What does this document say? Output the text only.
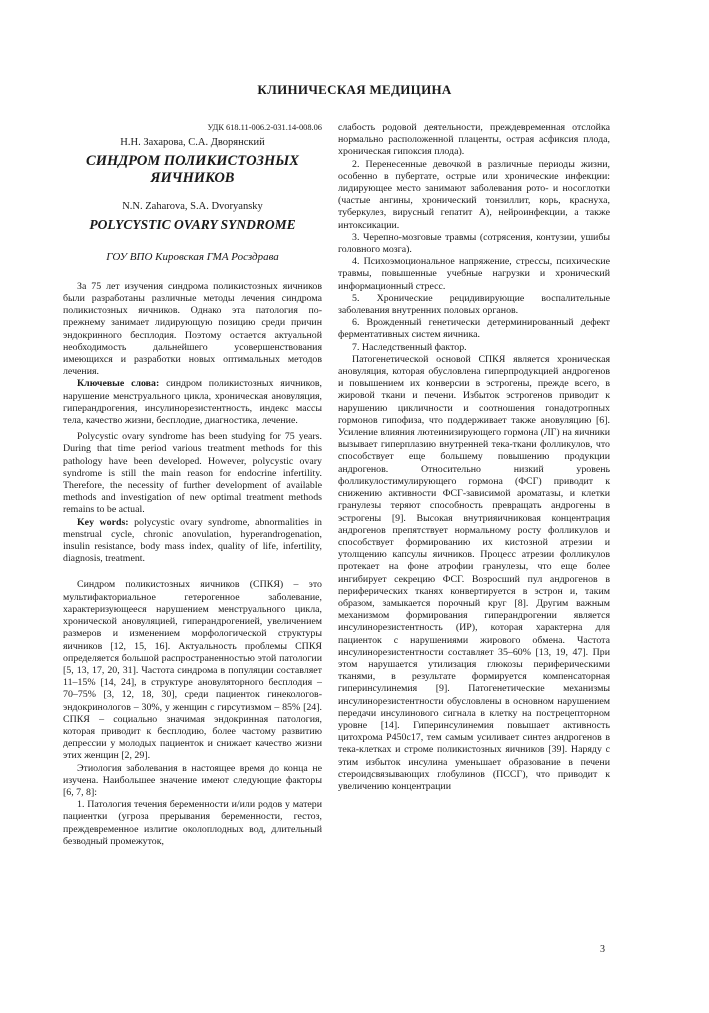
КЛИНИЧЕСКАЯ МЕДИЦИНА
УДК 618.11-006.2-031.14-008.06
Н.Н. Захарова, С.А. Дворянский
СИНДРОМ ПОЛИКИСТОЗНЫХ ЯИЧНИКОВ
N.N. Zaharova, S.A. Dvoryansky
POLYCYSTIC OVARY SYNDROME
ГОУ ВПО Кировская ГМА Росздрава

За 75 лет изучения синдрома поликистозных яичников были разработаны различные методы лечения синдрома поликистозных яичников. Однако эта патология по-прежнему занимает лидирующую позицию среди причин эндокринного бесплодия. Поэтому остается актуальной необходимость дальнейшего усовершенствования имеющихся и разработки новых оптимальных методов лечения.

Ключевые слова: синдром поликистозных яичников, нарушение менструального цикла, хроническая ановуляция, гиперандрогения, инсулинорезистентность, индекс массы тела, качество жизни, бесплодие, диагностика, лечение.

Polycystic ovary syndrome has been studying for 75 years. During that time period various treatment methods for this pathology have been developed. However, polycystic ovary syndrome is still the main reason for endocrine infertility. Therefore, the necessity of further development of available methods and investigation of new optimal treatment methods remains to be actual.

Key words: polycystic ovary syndrome, abnormalities in menstrual cycle, chronic anovulation, hyperandrogenation, insulin resistance, body mass index, quality of life, infertility, diagnosis, treatment.

Синдром поликистозных яичников (СПКЯ) – это мультифакториальное гетерогенное заболевание, характеризующееся нарушением менструального цикла, хронической ановуляцией, гиперандрогенией, увеличением размеров и изменением морфологической структуры яичников [12, 15, 16]. Актуальность проблемы СПКЯ определяется большой распространенностью этой патологии [5, 13, 17, 20, 31]. Частота синдрома в популяции составляет 11–15% [14, 24], в структуре ановуляторного бесплодия – 70–75% [3, 12, 18, 30], среди пациенток гинекологов-эндокринологов – 30%, у женщин с гирсутизмом – 85% [24]. СПКЯ – социально значимая эндокринная патология, которая приводит к бесплодию, более частому развитию депрессии у молодых пациенток и снижает качество жизни этих женщин [2, 29].

Этиология заболевания в настоящее время до конца не изучена. Наибольшее значение имеют следующие факторы [6, 7, 8]:

1. Патология течения беременности и/или родов у матери пациентки (угроза прерывания беременности, гестоз, преждевременное излитие околоплодных вод, длительный безводный промежуток,

слабость родовой деятельности, преждевременная отслойка нормально расположенной плаценты, острая асфиксия плода, хроническая гипоксия плода).

2. Перенесенные девочкой в различные периоды жизни, особенно в пубертате, острые или хронические инфекции: лидирующее место занимают заболевания рото- и носоглотки (частые ангины, хронический тонзиллит, корь, краснуха, туберкулез, вирусный гепатит А), нейроинфекции, а также интоксикации.

3. Черепно-мозговые травмы (сотрясения, контузии, ушибы головного мозга).

4. Психоэмоциональное напряжение, стрессы, психические травмы, повышенные учебные нагрузки и хронический информационный стресс.

5. Хронические рецидивирующие воспалительные заболевания внутренних половых органов.

6. Врожденный генетически детерминированный дефект ферментативных систем яичника.

7. Наследственный фактор.

Патогенетической основой СПКЯ является хроническая ановуляция, которая обусловлена гиперпродукцией андрогенов и повышением их конверсии в эстрогены, прежде всего, в жировой ткани и печени. Избыток эстрогенов приводит к нарушению цикличности и соотношения гонадотропных гормонов гипофиза, что поддерживает также ановуляцию [6]. Усиление влияния лютеинизирующего гормона (ЛГ) на яичники вызывает гиперплазию внутренней тека-ткани фолликулов, что способствует еще большему повышению продукции андрогенов. Относительно низкий уровень фолликулостимулирующего гормона (ФСГ) приводит к снижению активности ФСГ-зависимой ароматазы, и клетки гранулезы теряют способность превращать андрогены в эстрогены [9]. Высокая внутрияичниковая концентрация андрогенов препятствует нормальному росту фолликулов и способствует формированию их кистозной атрезии и утолщению капсулы яичников. Процесс атрезии фолликулов протекает на фоне атрофии гранулезы, что еще более ингибирует секрецию ФСГ. Возросший пул андрогенов в периферических тканях конвертируется в эстрон и, таким образом, замыкается порочный круг [8]. Другим важным механизмом формирования гиперандрогении является инсулинорезистентность (ИР), которая характерна для пациенток с нарушениями жирового обмена. Частота инсулинорезистентности составляет 35–60% [13, 19, 47]. При этом нарушается утилизация глюкозы периферическими тканями, в результате формируется компенсаторная гиперинсулинемия [9]. Патогенетические механизмы инсулинорезистентности обусловлены в основном нарушением передачи инсулинового сигнала в клетку на пострецепторном уровне [14]. Гиперинсулинемия повышает активность цитохрома P450c17, тем самым усиливает синтез андрогенов в тека-клетках и строме поликистозных яичников [39]. Наряду с этим избыток инсулина уменьшает образование в печени стероидсвязывающих глобулинов (ПССГ), что приводит к увеличению концентрации

3
